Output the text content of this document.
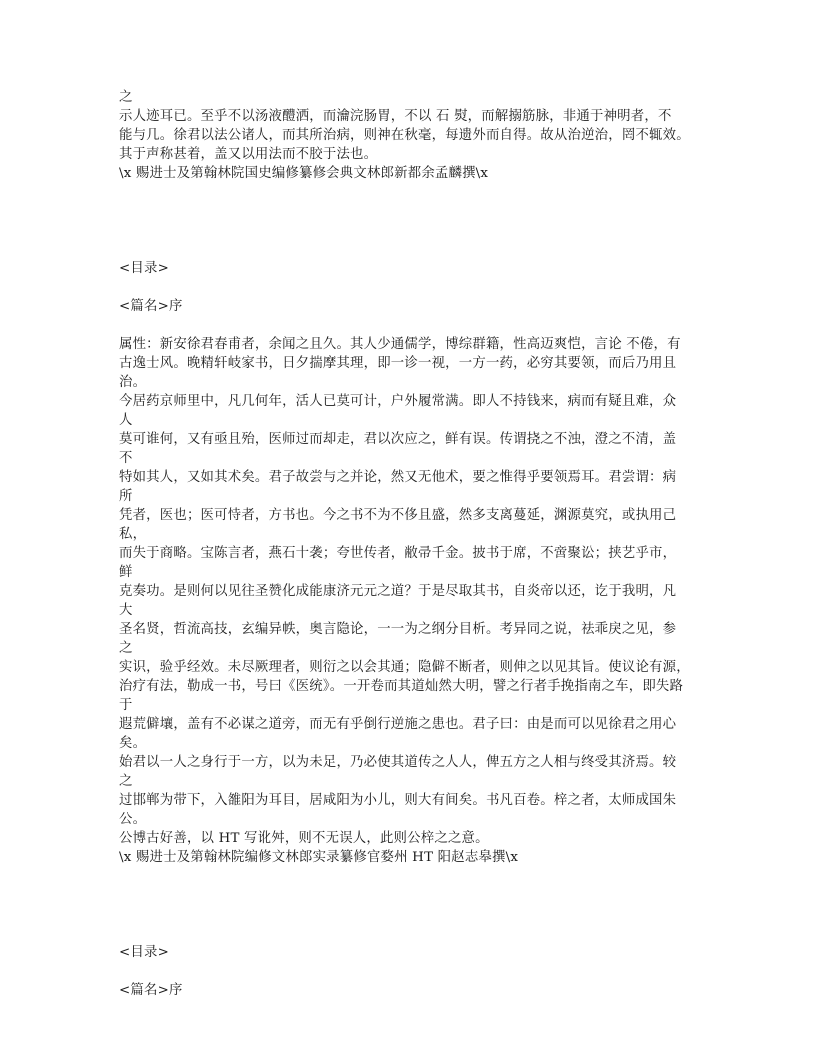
之
示人迹耳已。至乎不以汤液醴洒，而瀹浣肠胃，不以 石 熨，而解搦筋脉，非通于神明者，不
能与几。徐君以法公诸人，而其所治病，则神在秋毫，每遗外而自得。故从治逆治，罔不辄效。
其于声称甚着，盖又以用法而不胶于法也。
\x 赐进士及第翰林院国史编修纂修会典文林郎新都余孟麟撰\x
<目录>
<篇名>序
属性：新安徐君春甫者，余闻之且久。其人少通儒学，博综群籍，性高迈爽恺，言论 不倦，有
古逸士风。晚精轩岐家书，日夕揣摩其理，即一诊一视，一方一药，必穷其要领，而后乃用且
治。
今居药京师里中，凡几何年，活人已莫可计，户外履常满。即人不持钱来，病而有疑且难，众
人
莫可谁何，又有亟且殆，医师过而却走，君以次应之，鲜有误。传谓挠之不浊，澄之不清，盖
不
特如其人，又如其术矣。君子故尝与之并论，然又无他术，要之惟得乎要领焉耳。君尝谓：病
所
凭者，医也；医可恃者，方书也。今之书不为不侈且盛，然多支离蔓延，渊源莫究，或执用己
私，
而失于商略。宝陈言者，燕石十袭；夸世传者，敝帚千金。披书于席，不啻聚讼；挟艺乎市，
鲜
克奏功。是则何以见往圣赞化成能康济元元之道？于是尽取其书，自炎帝以还，讫于我明，凡
大
圣名贤，哲流高技，玄编异帙，奥言隐论，一一为之纲分目析。考异同之说，祛乖戾之见，参
之
实识，验乎经效。未尽厥理者，则衍之以会其通；隐僻不断者，则伸之以见其旨。使议论有源，
治疗有法，勒成一书，号曰《医统》。一开卷而其道灿然大明，譬之行者手挽指南之车，即失路
于
遐荒僻壤，盖有不必谋之道旁，而无有乎倒行逆施之患也。君子曰：由是而可以见徐君之用心
矣。
始君以一人之身行于一方，以为未足，乃必使其道传之人人，俾五方之人相与终受其济焉。较
之
过邯郸为带下，入雒阳为耳目，居咸阳为小儿，则大有间矣。书凡百卷。梓之者，太师成国朱
公。
公博古好善，以 HT 写讹舛，则不无误人，此则公梓之之意。
\x 赐进士及第翰林院编修文林郎实录纂修官婺州 HT 阳赵志皋撰\x
<目录>
<篇名>序
